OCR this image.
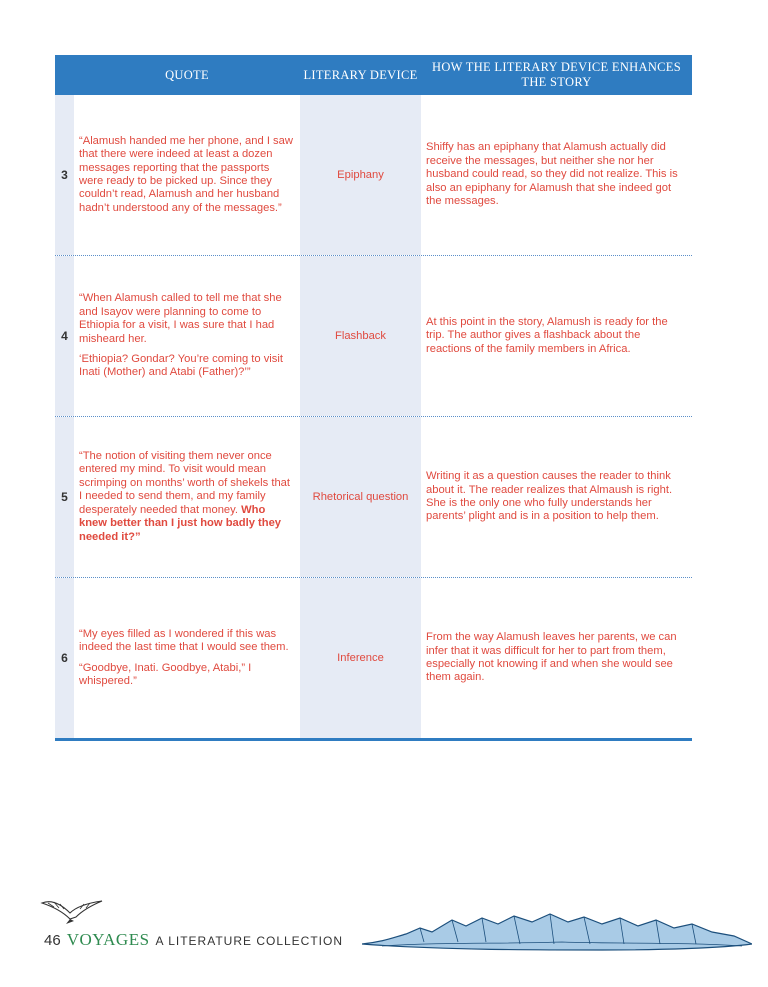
QUOTE	LITERARY DEVICE
HOW THE LITERARY DEVICE ENHANCES THE STORY
3

“Alamush handed me her phone, and I saw that there were indeed at least a dozen messages reporting that the passports were ready to be picked up. Since they couldn’t read, Alamush and her husband hadn’t understood any of the messages.”

Epiphany
Shiffy has an epiphany that Alamush actually did receive the messages, but neither she nor her husband could read, so they did not realize. This is also an epiphany for Alamush that she indeed got the messages.
4

“When Alamush called to tell me that she and Isayov were planning to come to Ethiopia for a visit, I was sure that I had misheard her.

‘Ethiopia? Gondar? You’re coming to visit Inati (Mother) and Atabi (Father)?’”

Flashback
At this point in the story, Alamush is ready for the trip. The author gives a flashback about the reactions of the family members in Africa.
5

“The notion of visiting them never once entered my mind. To visit would mean scrimping on months’ worth of shekels that I needed to send them, and my family desperately needed that money. Who knew better than I just how badly they needed it?”

Rhetorical question
Writing it as a question causes the reader to think about it. The reader realizes that Almaush is right. She is the only one who fully understands her parents’ plight and is in a position to help them.
6

“My eyes filled as I wondered if this was indeed the last time that I would see them.

“Goodbye, Inati. Goodbye, Atabi,” I whispered.”

Inference
From the way Alamush leaves her parents, we can infer that it was difficult for her to part from them, especially not knowing if and when she would see them again.
46 VOYAGES A LITERATURE COLLECTION
